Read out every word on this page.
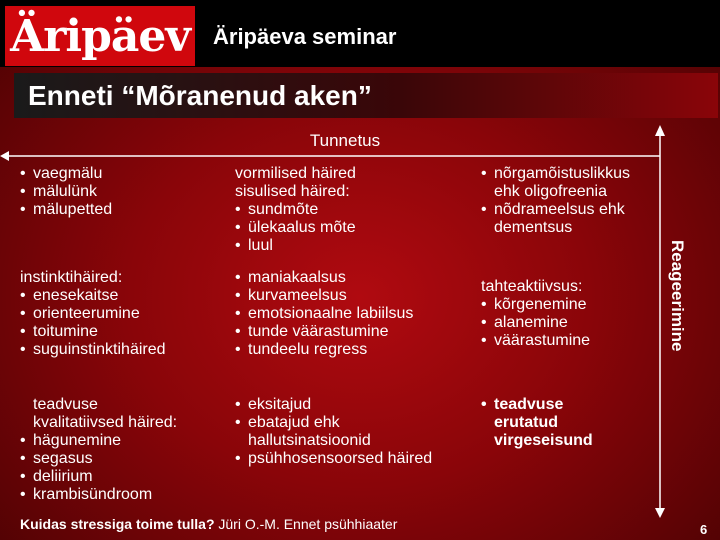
Äripäev Äripäeva seminar
Enneti “Mõranenud aken”
Tunnetus
Reageerimine
• vaegmälu
• mälulünk
• mälupetted
vormilised häired
sisulised häired:
• sundmõte
• ülekaalus mõte
• luul
• nõrgamõistuslikkus ehk oligofreenia
• nõdrameelsus ehk dementsus
instinktihäired:
• enesekaitse
• orienteerumine
• toitumine
• suguinstinktihäired
• maniakaalsus
• kurvameelsus
• emotsionaalne labiilsus
• tunde väärastumine
• tundeelu regress
tahteaktiivsus:
• kõrgenemine
• alanemine
• väärastumine
teadvuse
kvalitatiivsed häired:
• hägunemine
• segasus
• deliirium
• krambisündroom
• eksitajud
• ebatajud ehk hallutsinatsioonid
• psühhosensoorsed häired
• teadvuse erutatud virgeseisund
Kuidas stressiga toime tulla? Jüri O.-M. Ennet psühhiaater	6
